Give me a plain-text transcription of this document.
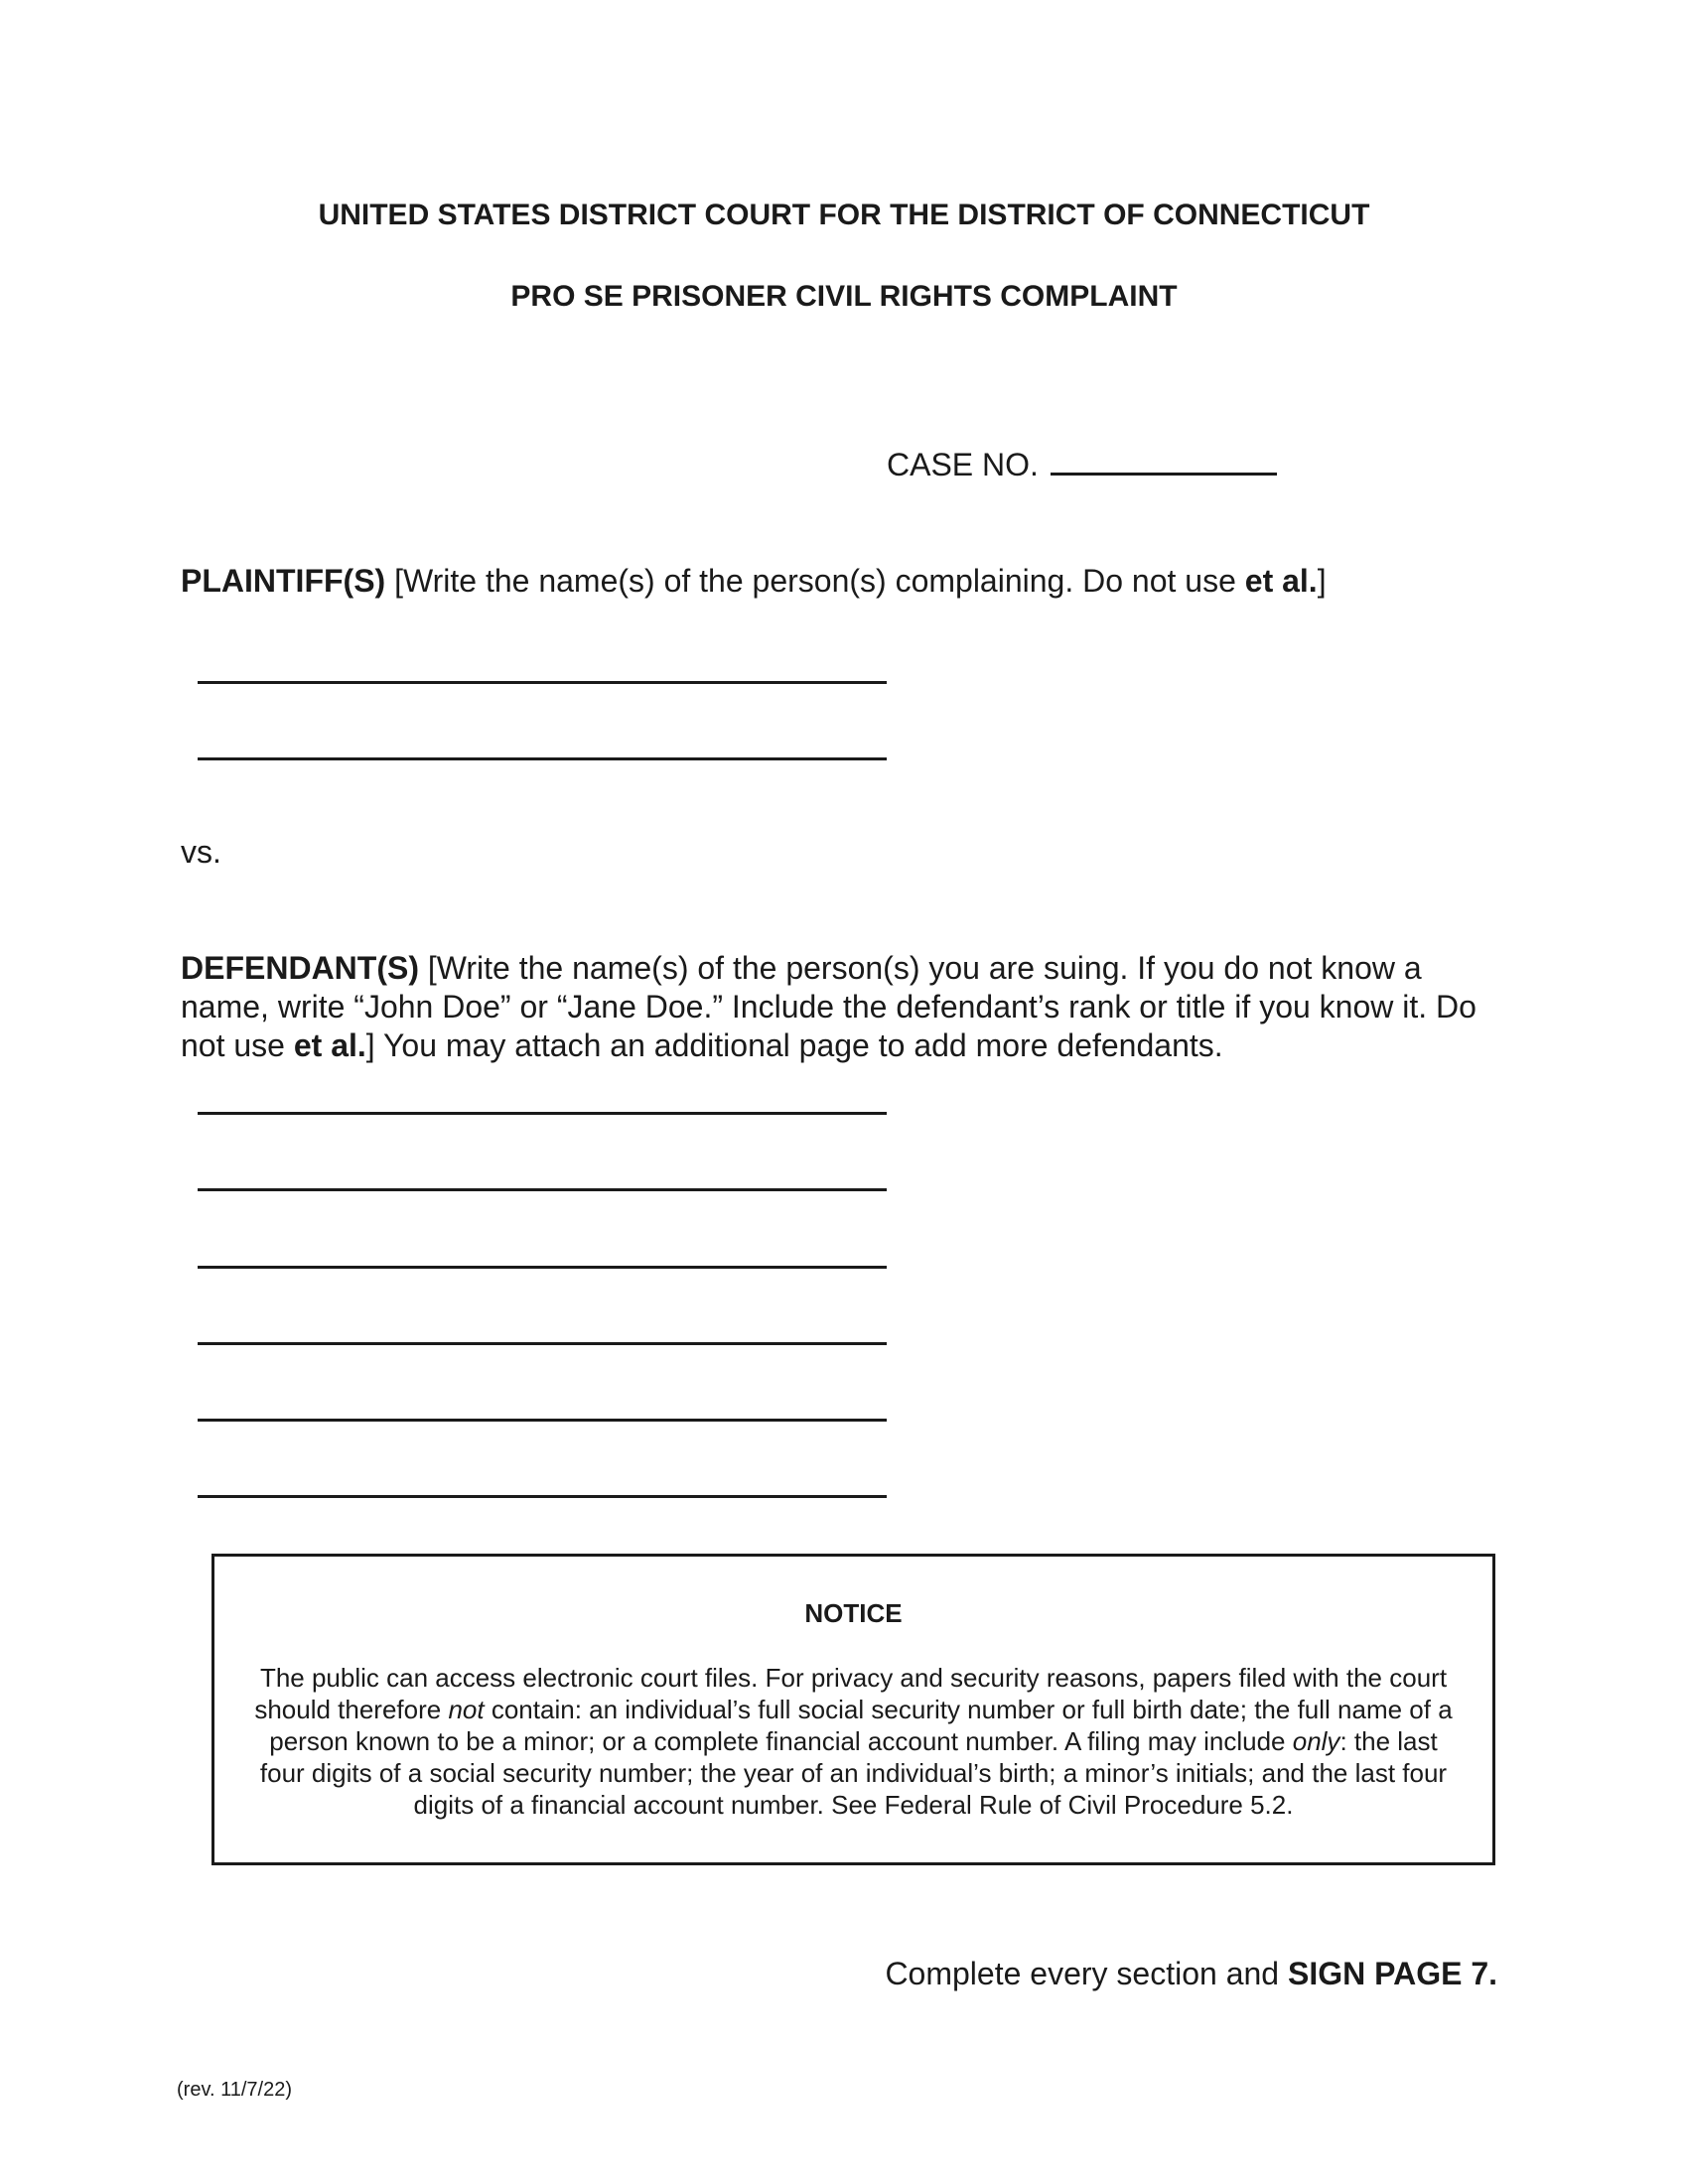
UNITED STATES DISTRICT COURT FOR THE DISTRICT OF CONNECTICUT
PRO SE PRISONER CIVIL RIGHTS COMPLAINT
CASE NO.
PLAINTIFF(S) [Write the name(s) of the person(s) complaining. Do not use et al.]
vs.
DEFENDANT(S) [Write the name(s) of the person(s) you are suing. If you do not know a name, write “John Doe” or “Jane Doe.” Include the defendant’s rank or title if you know it. Do not use et al.] You may attach an additional page to add more defendants.
NOTICE
The public can access electronic court files. For privacy and security reasons, papers filed with the court should therefore not contain: an individual’s full social security number or full birth date; the full name of a person known to be a minor; or a complete financial account number. A filing may include only: the last four digits of a social security number; the year of an individual’s birth; a minor’s initials; and the last four digits of a financial account number. See Federal Rule of Civil Procedure 5.2.
Complete every section and SIGN PAGE 7.
(rev. 11/7/22)
